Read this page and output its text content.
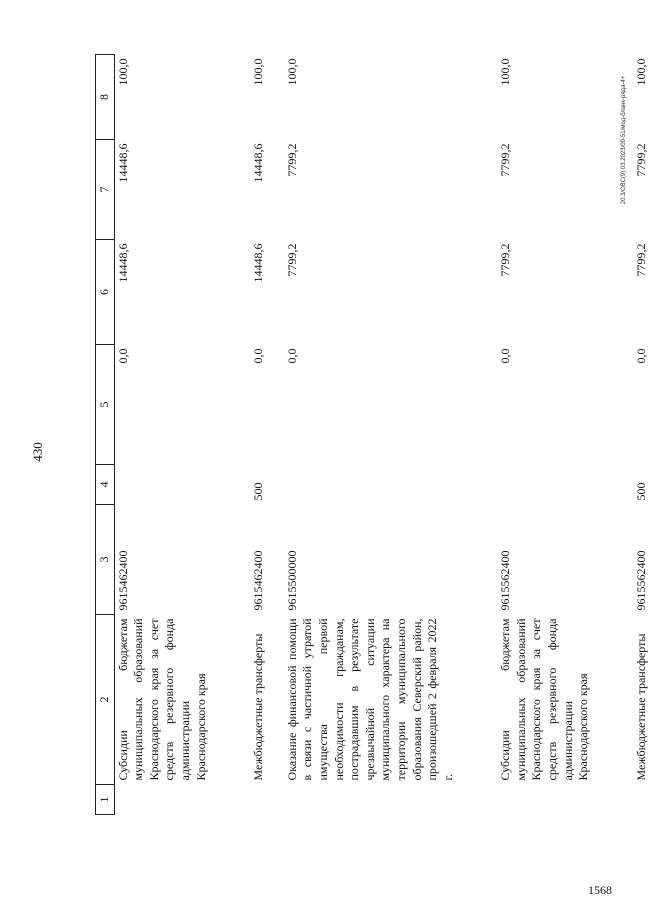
430
1568
20.3/ОВС(9) 03.2023/09-51/мод-бланк-ряда-4+
1	2	3	4	5	6	7	8
	Субсидии бюджетам муниципальных образований Краснодарского края за счет средств резервного фонда администрации Краснодарского края	9615462400		0,0	14448,6	14448,6	100,0
	Межбюджетные трансферты	9615462400	500	0,0	14448,6	14448,6	100,0
	Оказание финансовой помощи в связи с частичной утратой имущества первой необходимости гражданам, пострадавшим в результате чрезвычайной ситуации муниципального характера на территории муниципального образования Северский район, произошедшей 2 февраля 2022 г.	9615500000		0,0	7799,2	7799,2	100,0
	Субсидии бюджетам муниципальных образований Краснодарского края за счет средств резервного фонда администрации Краснодарского края	9615562400		0,0	7799,2	7799,2	100,0
	Межбюджетные трансферты	9615562400	500	0,0	7799,2	7799,2	100,0
